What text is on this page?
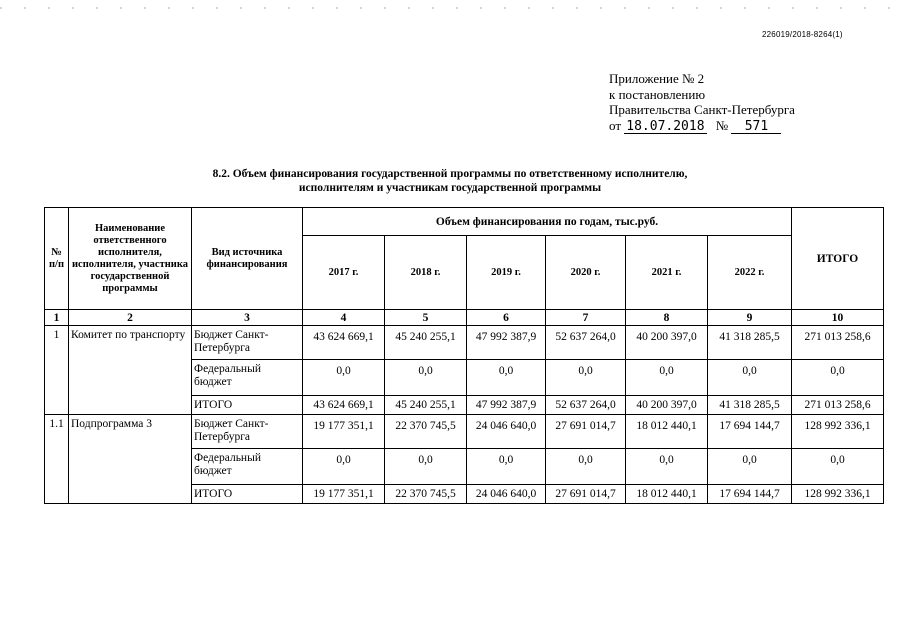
226019/2018-8264(1)
Приложение № 2
к постановлению
Правительства Санкт-Петербурга
от 18.07.2018 № 571
8.2. Объем финансирования государственной программы по ответственному исполнителю,
исполнителям и участникам государственной программы
№ п/п	Наименование ответственного исполнителя, исполнителя, участника государственной программы	Вид источника финансирования	Объем финансирования по годам, тыс.руб.						ИТОГО
			2017 г.	2018 г.	2019 г.	2020 г.	2021 г.	2022 г.	
1	2	3	4	5	6	7	8	9	10
1	Комитет по транспорту	Бюджет Санкт-Петербурга	43 624 669,1	45 240 255,1	47 992 387,9	52 637 264,0	40 200 397,0	41 318 285,5	271 013 258,6
		Федеральный бюджет	0,0	0,0	0,0	0,0	0,0	0,0	0,0
		ИТОГО	43 624 669,1	45 240 255,1	47 992 387,9	52 637 264,0	40 200 397,0	41 318 285,5	271 013 258,6
1.1	Подпрограмма 3	Бюджет Санкт-Петербурга	19 177 351,1	22 370 745,5	24 046 640,0	27 691 014,7	18 012 440,1	17 694 144,7	128 992 336,1
		Федеральный бюджет	0,0	0,0	0,0	0,0	0,0	0,0	0,0
		ИТОГО	19 177 351,1	22 370 745,5	24 046 640,0	27 691 014,7	18 012 440,1	17 694 144,7	128 992 336,1
